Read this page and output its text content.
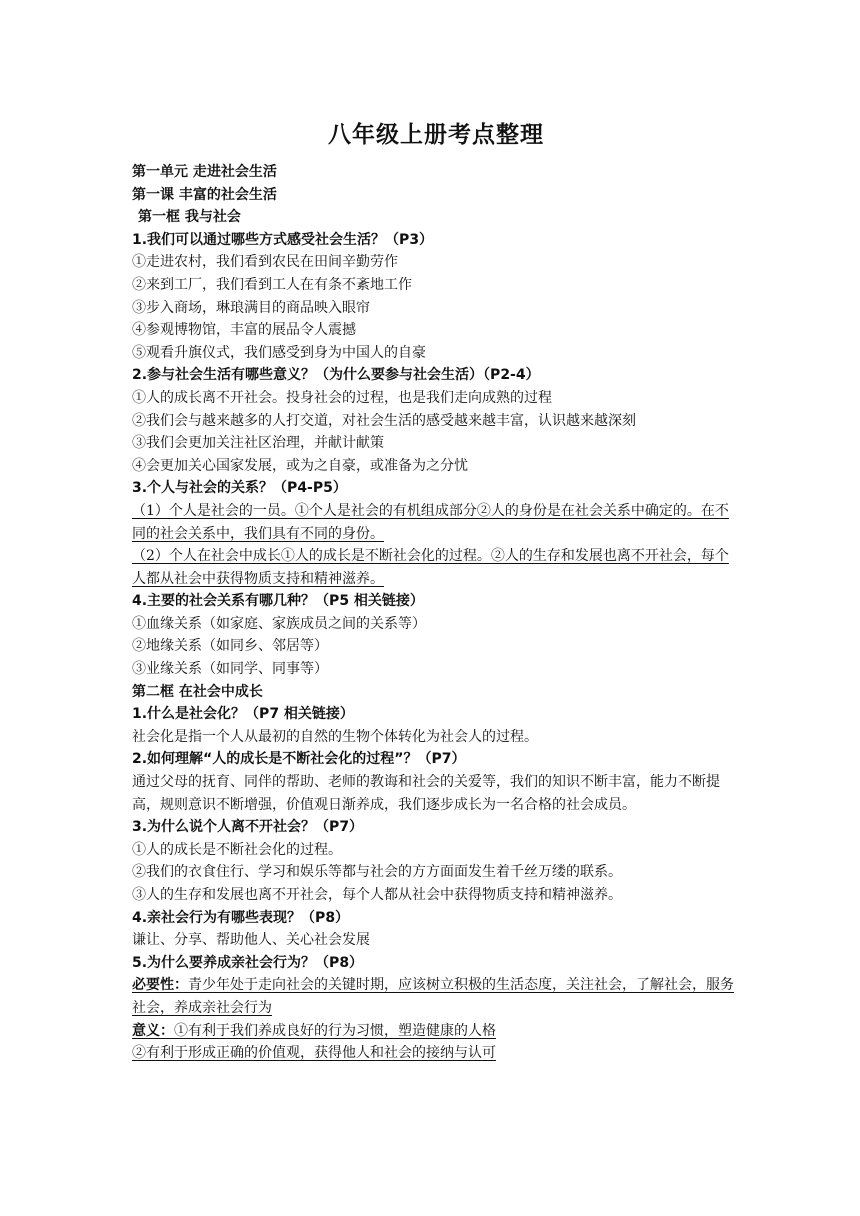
八年级上册考点整理
第一单元 走进社会生活
第一课 丰富的社会生活
第一框 我与社会
1.我们可以通过哪些方式感受社会生活？（P3）
①走进农村，我们看到农民在田间辛勤劳作
②来到工厂，我们看到工人在有条不紊地工作
③步入商场，琳琅满目的商品映入眼帘
④参观博物馆，丰富的展品令人震撼
⑤观看升旗仪式，我们感受到身为中国人的自豪
2.参与社会生活有哪些意义？（为什么要参与社会生活）（P2-4）
①人的成长离不开社会。投身社会的过程，也是我们走向成熟的过程
②我们会与越来越多的人打交道，对社会生活的感受越来越丰富，认识越来越深刻
③我们会更加关注社区治理，并献计献策
④会更加关心国家发展，或为之自豪，或准备为之分忧
3.个人与社会的关系？（P4-P5）
（1）个人是社会的一员。①个人是社会的有机组成部分②人的身份是在社会关系中确定的。在不同的社会关系中，我们具有不同的身份。
（2）个人在社会中成长①人的成长是不断社会化的过程。②人的生存和发展也离不开社会，每个人都从社会中获得物质支持和精神滋养。
4.主要的社会关系有哪几种？（P5 相关链接）
①血缘关系（如家庭、家族成员之间的关系等）
②地缘关系（如同乡、邻居等）
③业缘关系（如同学、同事等）
第二框 在社会中成长
1.什么是社会化？（P7 相关链接）
社会化是指一个人从最初的自然的生物个体转化为社会人的过程。
2.如何理解“人的成长是不断社会化的过程”？（P7）
通过父母的抚育、同伴的帮助、老师的教诲和社会的关爱等，我们的知识不断丰富，能力不断提高，规则意识不断增强，价值观日渐养成，我们逐步成长为一名合格的社会成员。
3.为什么说个人离不开社会？（P7）
①人的成长是不断社会化的过程。
②我们的衣食住行、学习和娱乐等都与社会的方方面面发生着千丝万缕的联系。
③人的生存和发展也离不开社会，每个人都从社会中获得物质支持和精神滋养。
4.亲社会行为有哪些表现？（P8）
谦让、分享、帮助他人、关心社会发展
5.为什么要养成亲社会行为？（P8）
必要性：青少年处于走向社会的关键时期，应该树立积极的生活态度，关注社会，了解社会，服务社会，养成亲社会行为
意义：①有利于我们养成良好的行为习惯，塑造健康的人格
②有利于形成正确的价值观，获得他人和社会的接纳与认可
